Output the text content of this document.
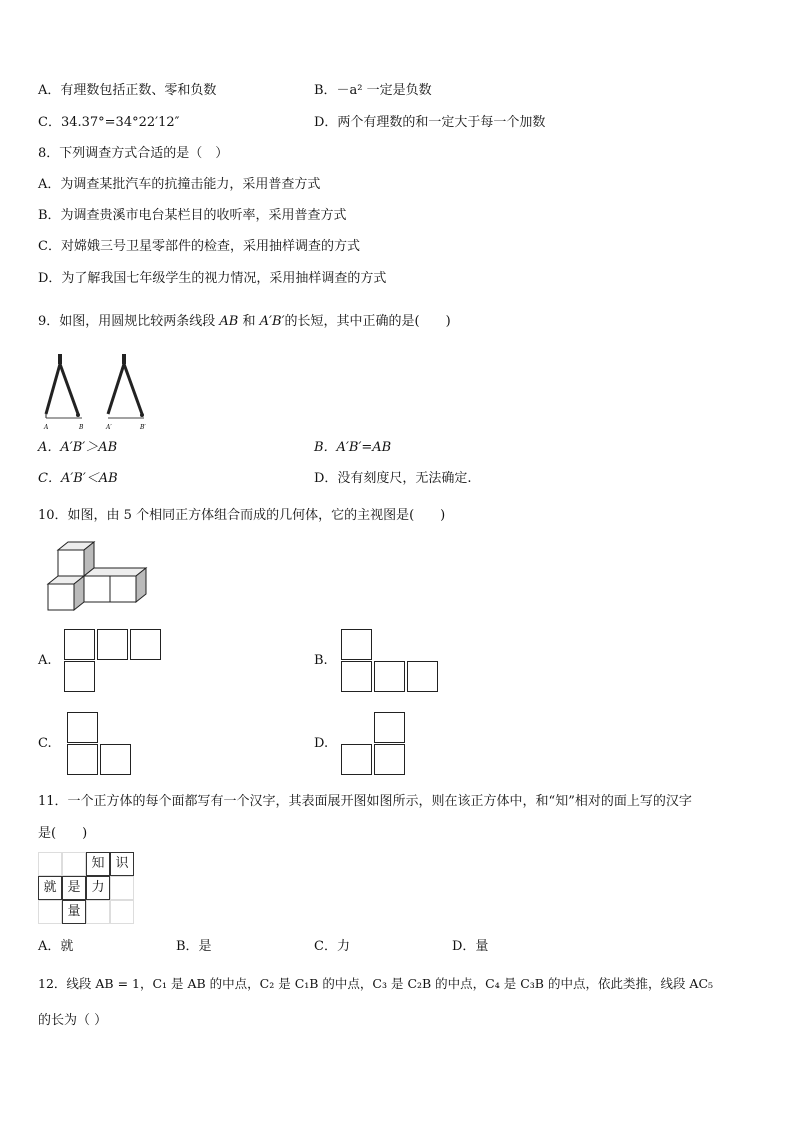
A．有理数包括正数、零和负数	B．－a² 一定是负数
C．34.37°=34°22′12″	D．两个有理数的和一定大于每一个加数
8．下列调查方式合适的是（　）
A．为调查某批汽车的抗撞击能力，采用普查方式
B．为调查贵溪市电台某栏目的收听率，采用普查方式
C．对嫦娥三号卫星零部件的检查，采用抽样调查的方式
D．为了解我国七年级学生的视力情况，采用抽样调查的方式
9．如图，用圆规比较两条线段 AB 和 A′B′的长短，其中正确的是(　　)
A	B	A′	B′
A．A′B′＞AB	B．A′B′=AB
C．A′B′＜AB	D．没有刻度尺，无法确定.
10．如图，由 5 个相同正方体组合而成的几何体，它的主视图是(　　)
A.	B.
C.	D.
11．一个正方体的每个面都写有一个汉字，其表面展开图如图所示，则在该正方体中，和“知”相对的面上写的汉字
是(　　)
知 识
就 是 力
量
A．就	B．是	C．力	D．量
12．线段 AB = 1，C₁ 是 AB 的中点，C₂ 是 C₁B 的中点，C₃ 是 C₂B 的中点，C₄ 是 C₃B 的中点，依此类推，线段 AC₅
的长为（ ）
